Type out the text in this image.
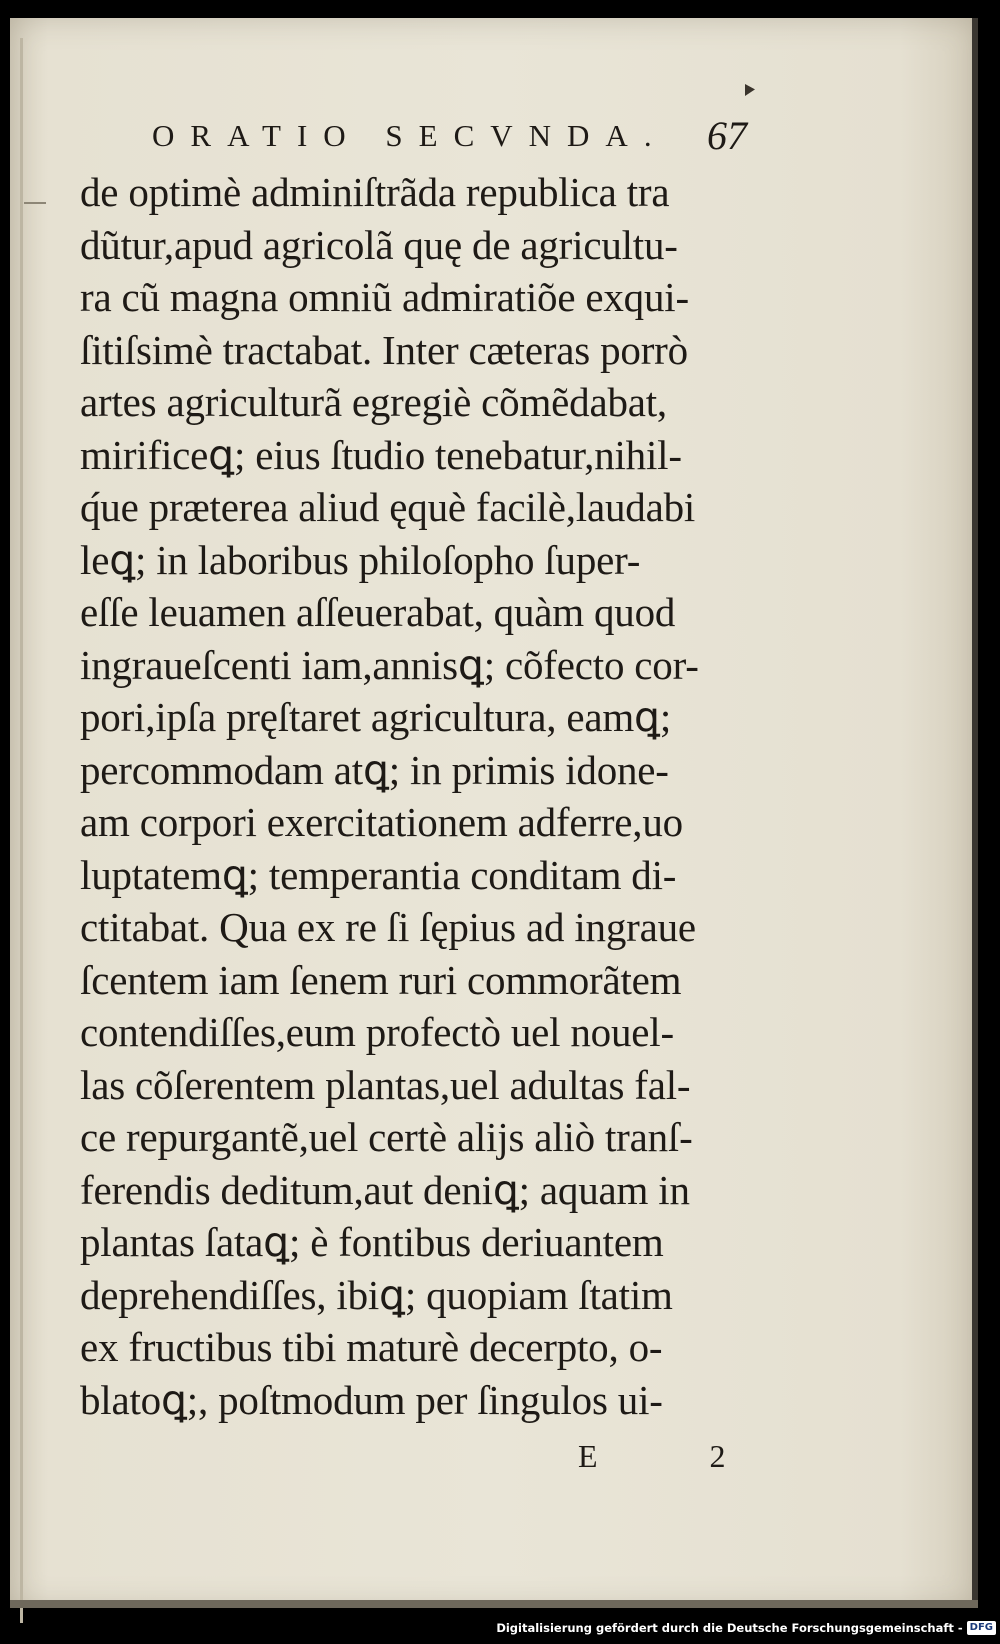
ORATIO SECVNDA. 67
de optimè adminiſtrãda republica tra
dũtur,apud agricolã quę de agricultu-
ra cũ magna omniũ admiratiõe exqui-
ſitiſsimè tractabat. Inter cæteras porrò
artes agriculturã egregiè cõmẽdabat,
mirificeꝗ; eius ſtudio tenebatur,nihil-
q́ue præterea aliud ęquè facilè,laudabi
leꝗ; in laboribus philoſopho ſuper-
eſſe leuamen aſſeuerabat, quàm quod
ingraueſcenti iam,annisꝗ; cõfecto cor-
pori,ipſa pręſtaret agricultura, eamꝗ;
percommodam atꝗ; in primis idone-
am corpori exercitationem adferre,uo
luptatemꝗ; temperantia conditam di-
ctitabat. Qua ex re ſi ſępius ad ingraue
ſcentem iam ſenem ruri commorãtem
contendiſſes,eum profectò uel nouel-
las cõſerentem plantas,uel adultas fal-
ce repurgantẽ,uel certè alijs aliò tranſ-
ferendis deditum,aut deniꝗ; aquam in
plantas ſataꝗ; è fontibus deriuantem
deprehendiſſes, ibiꝗ; quopiam ſtatim
ex fructibus tibi maturè decerpto, o-
blatoꝗ;, poſtmodum per ſingulos ui-
E 2
Digitalisierung gefördert durch die Deutsche Forschungsgemeinschaft - DFG
